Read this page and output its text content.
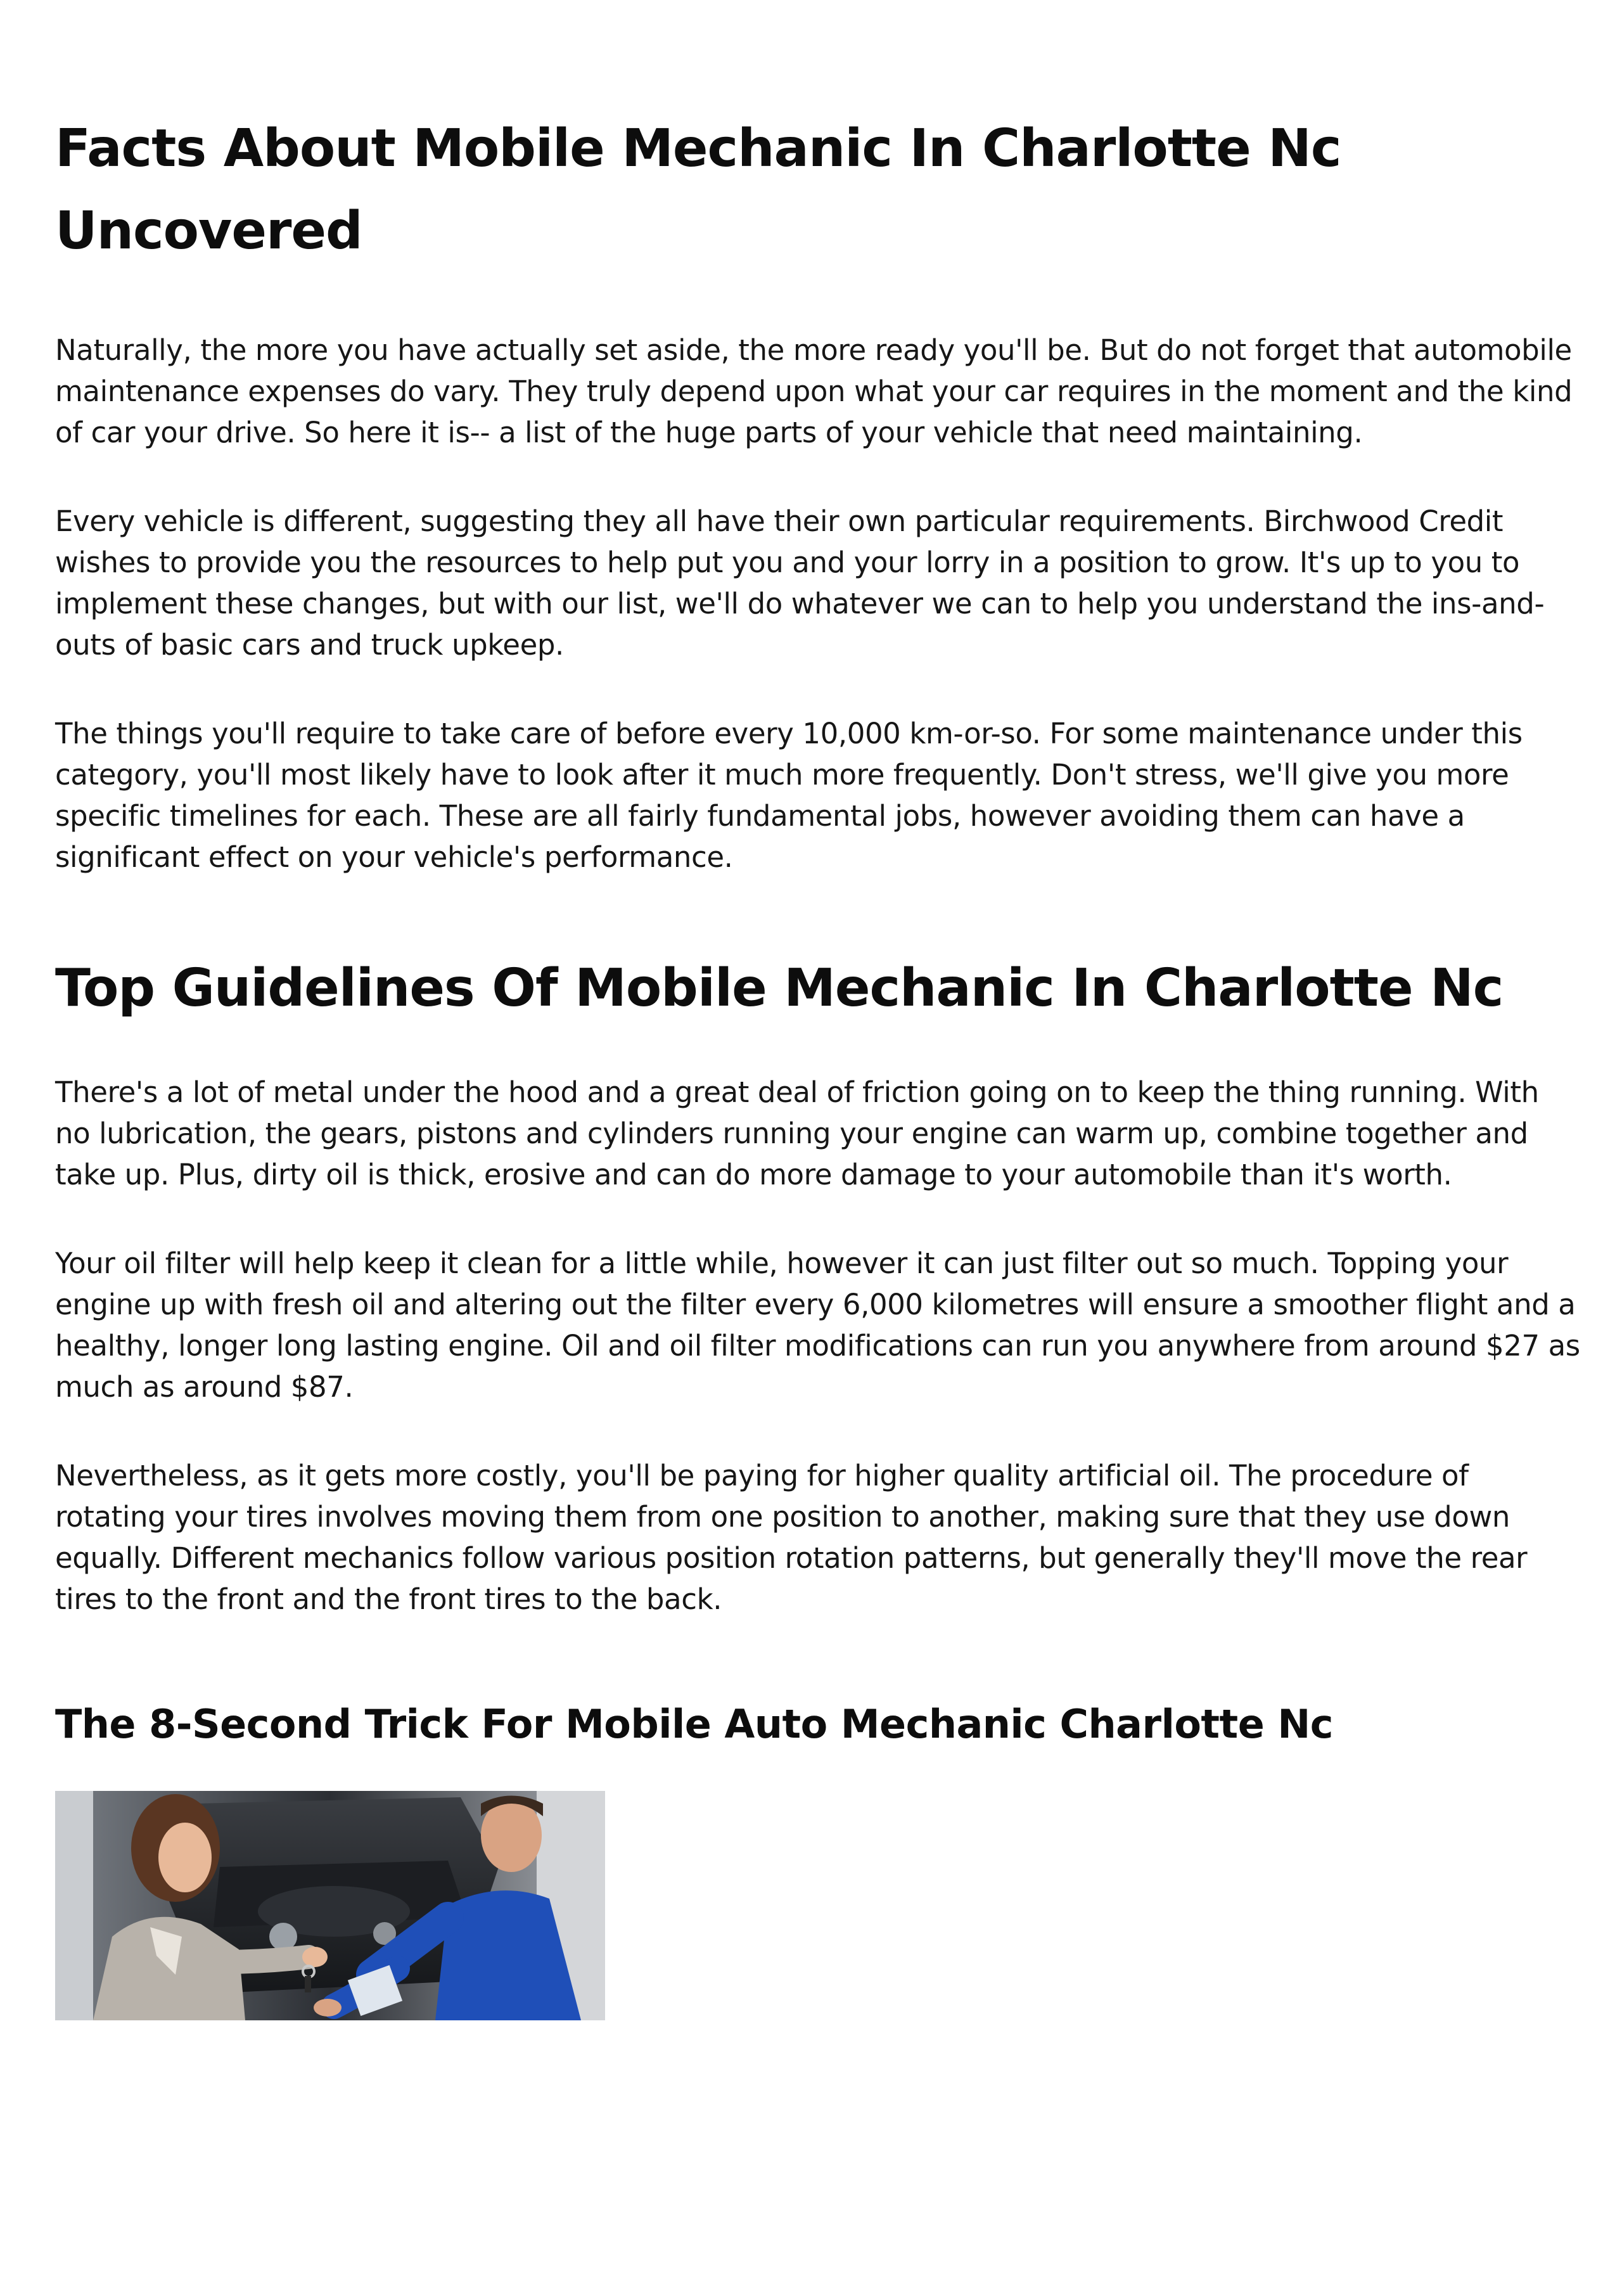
Facts About Mobile Mechanic In Charlotte Nc Uncovered

Naturally, the more you have actually set aside, the more ready you'll be. But do not forget that automobile maintenance expenses do vary. They truly depend upon what your car requires in the moment and the kind of car your drive. So here it is-- a list of the huge parts of your vehicle that need maintaining.

Every vehicle is different, suggesting they all have their own particular requirements. Birchwood Credit wishes to provide you the resources to help put you and your lorry in a position to grow. It's up to you to implement these changes, but with our list, we'll do whatever we can to help you understand the ins-and-outs of basic cars and truck upkeep.

The things you'll require to take care of before every 10,000 km-or-so. For some maintenance under this category, you'll most likely have to look after it much more frequently. Don't stress, we'll give you more specific timelines for each. These are all fairly fundamental jobs, however avoiding them can have a significant effect on your vehicle's performance.

Top Guidelines Of Mobile Mechanic In Charlotte Nc

There's a lot of metal under the hood and a great deal of friction going on to keep the thing running. With no lubrication, the gears, pistons and cylinders running your engine can warm up, combine together and take up. Plus, dirty oil is thick, erosive and can do more damage to your automobile than it's worth.

Your oil filter will help keep it clean for a little while, however it can just filter out so much. Topping your engine up with fresh oil and altering out the filter every 6,000 kilometres will ensure a smoother flight and a healthy, longer long lasting engine. Oil and oil filter modifications can run you anywhere from around $27 as much as around $87.

Nevertheless, as it gets more costly, you'll be paying for higher quality artificial oil. The procedure of rotating your tires involves moving them from one position to another, making sure that they use down equally. Different mechanics follow various position rotation patterns, but generally they'll move the rear tires to the front and the front tires to the back.

The 8-Second Trick For Mobile Auto Mechanic Charlotte Nc
